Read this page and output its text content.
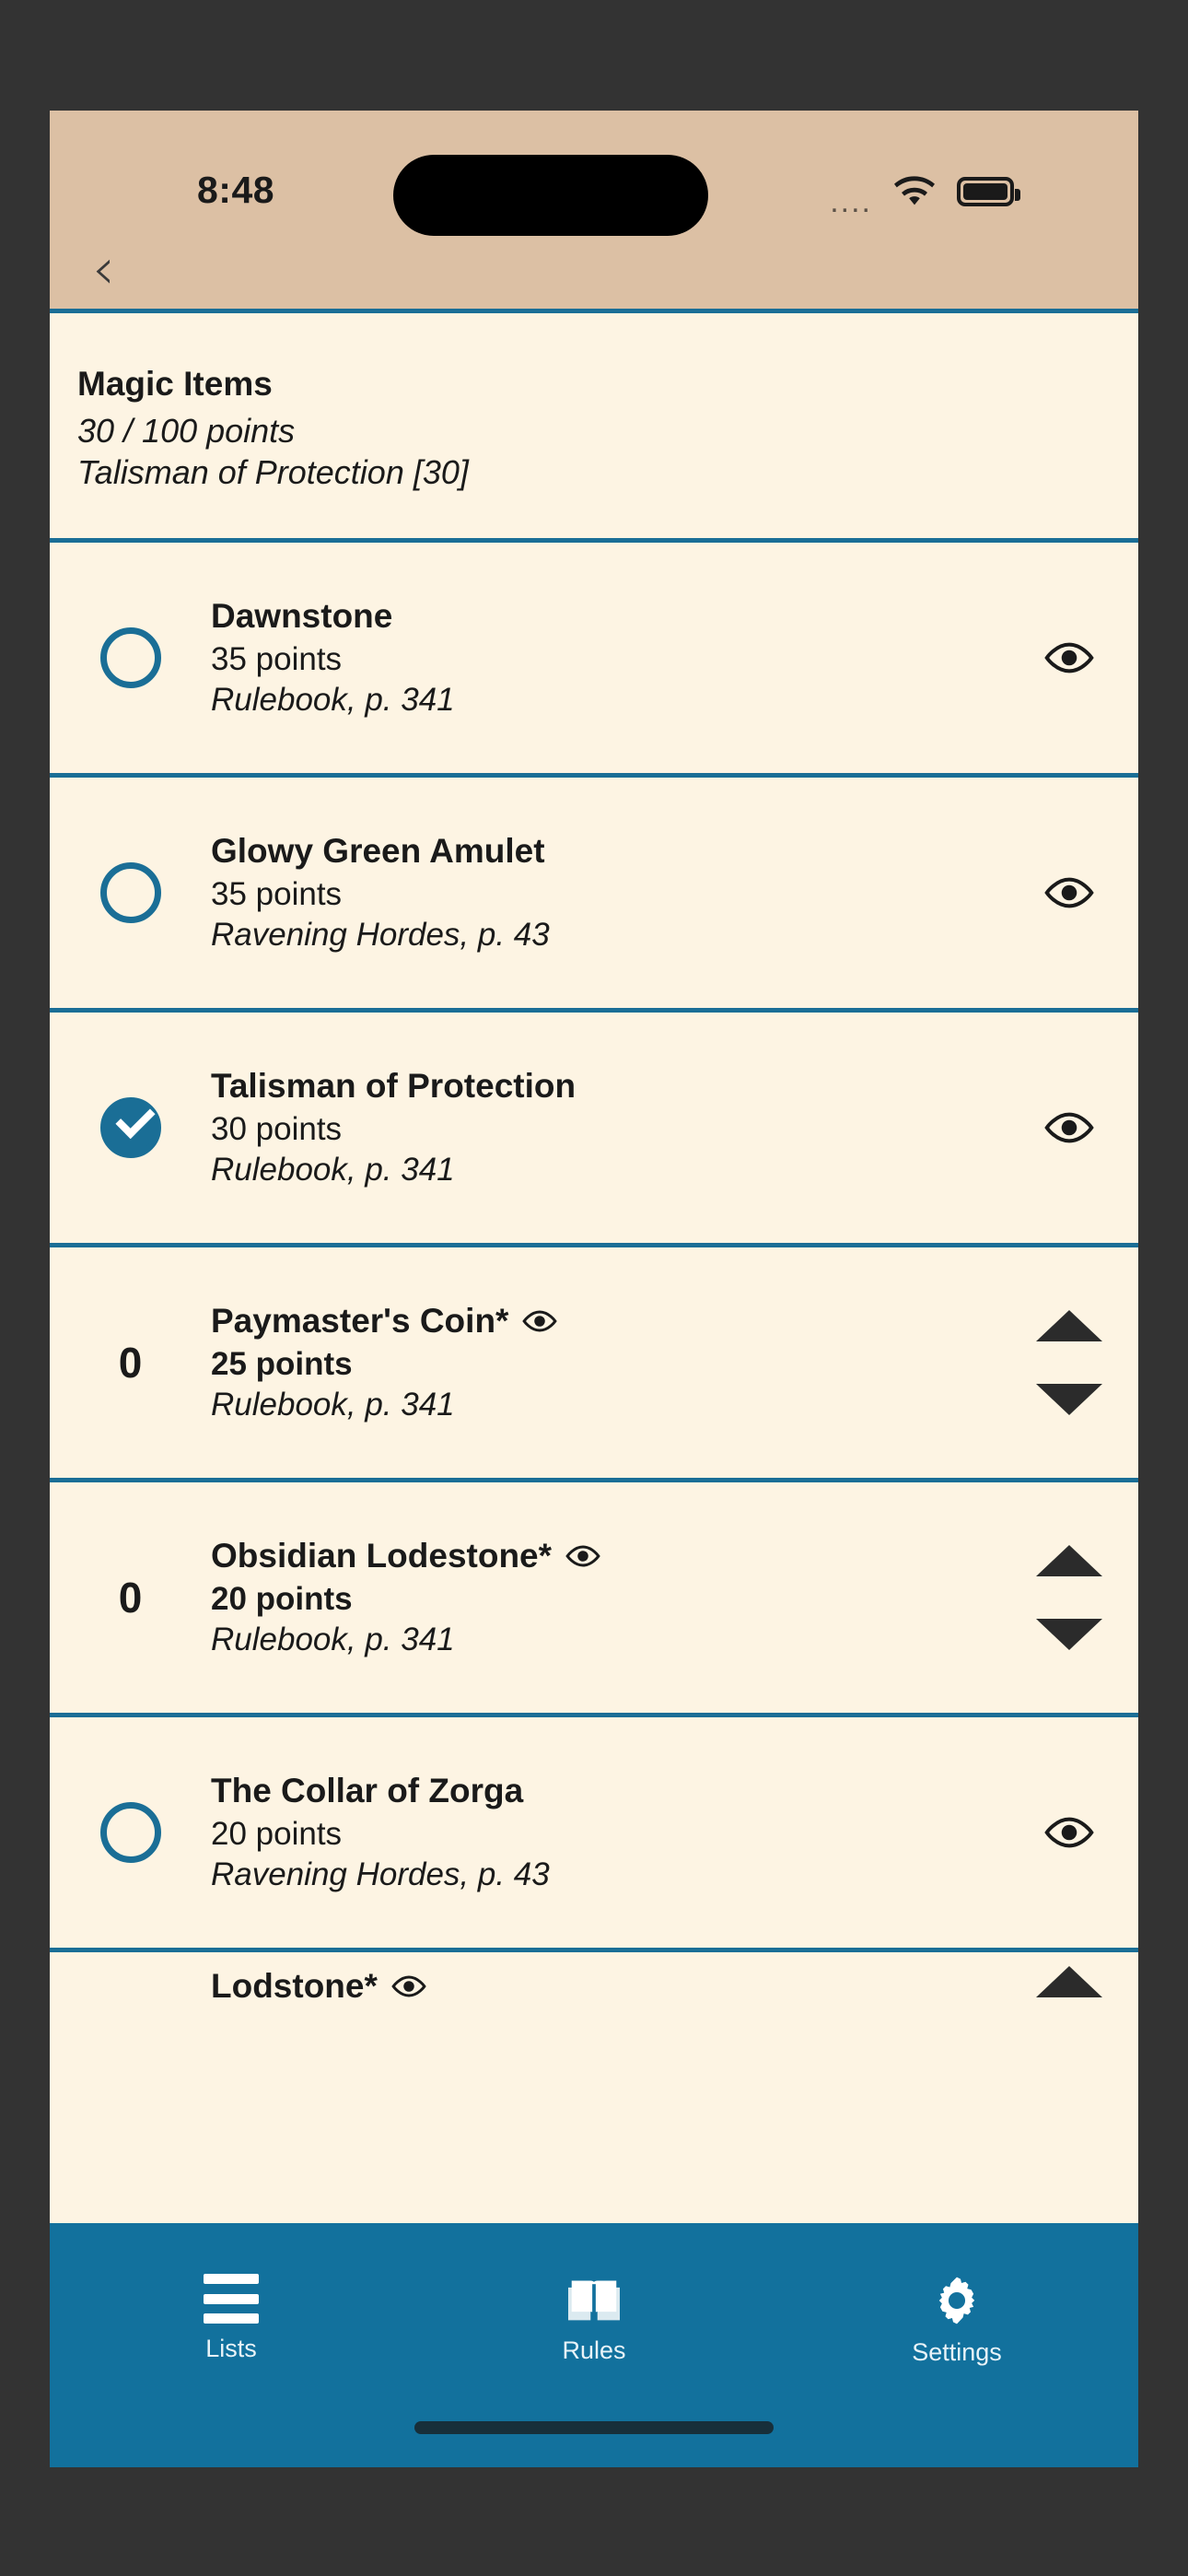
8:48	....
‹
Magic Items
30 / 100 points
Talisman of Protection [30]
Dawnstone
35 points
Rulebook, p. 341
Glowy Green Amulet
35 points
Ravening Hordes, p. 43
Talisman of Protection
30 points
Rulebook, p. 341
0
Paymaster's Coin*
25 points
Rulebook, p. 341
0
Obsidian Lodestone*
20 points
Rulebook, p. 341
The Collar of Zorga
20 points
Ravening Hordes, p. 43
Lodstone*
Lists	Rules	Settings
